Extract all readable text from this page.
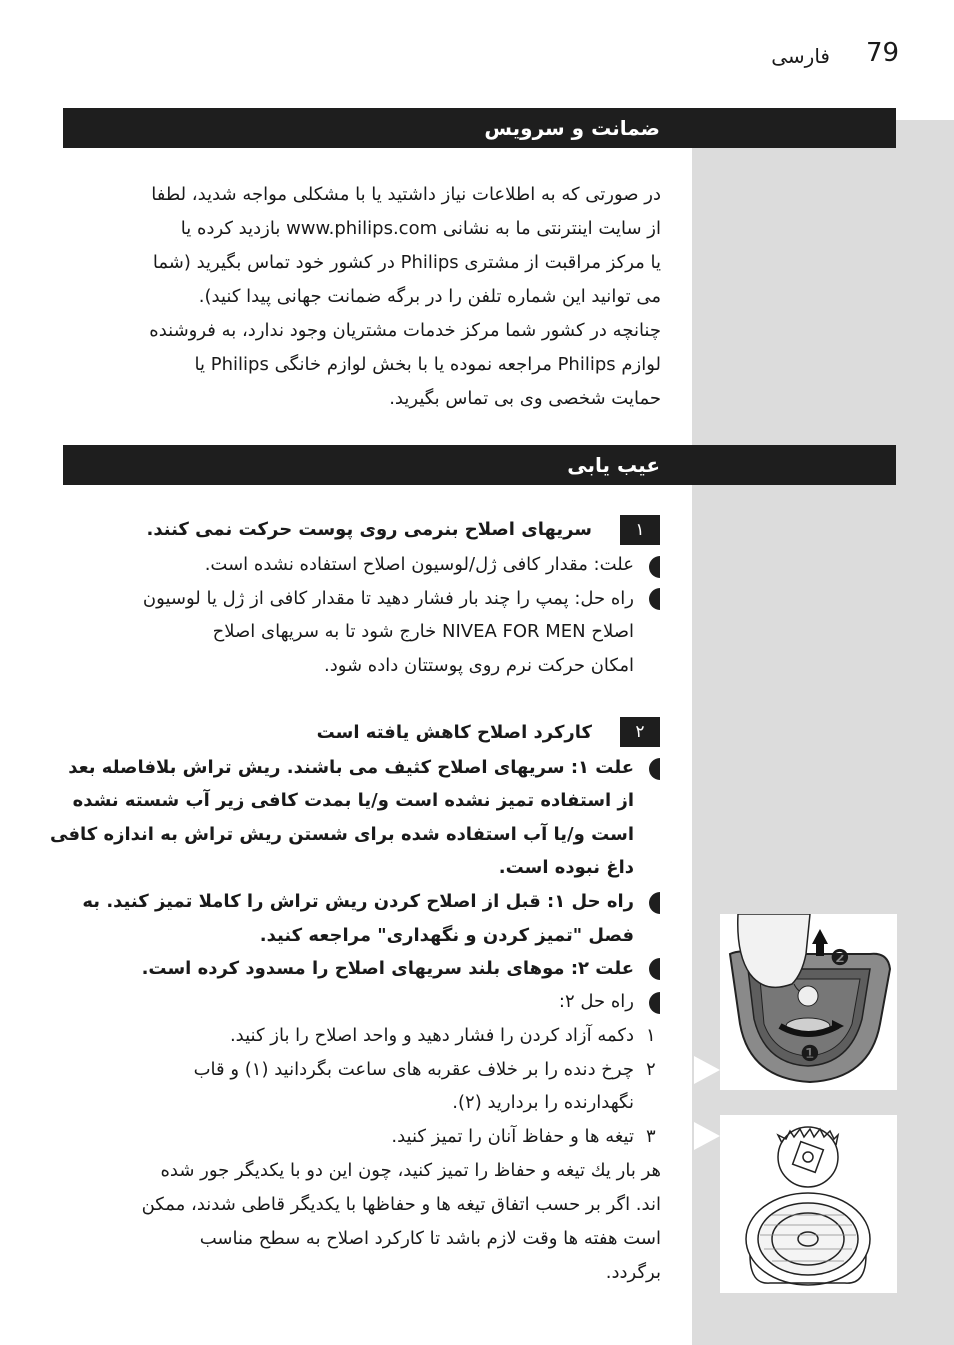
فارسی 79
ضمانت و سرویس
در صورتی که به اطلاعات نیاز داشتید یا با مشکلی مواجه شدید، لطفا
از سایت اینترنتی ما به نشانی www.philips.com بازدید کرده یا
یا مرکز مراقبت از مشتری Philips در کشور خود تماس بگیرید (شما
می توانید این شماره تلفن را در برگه ضمانت جهانی پیدا کنید).
چنانچه در کشور شما مرکز خدمات مشتریان وجود ندارد، به فروشنده
لوازم Philips مراجعه نموده یا با بخش لوازم خانگی Philips یا
حمایت شخصی وی بی تماس بگیرید.
عیب یابی
۱
سریهای اصلاح بنرمی روی پوست حرکت نمی کنند.
علت: مقدار کافی ژل/لوسیون اصلاح استفاده نشده است.
راه حل: پمپ را چند بار فشار دهید تا مقدار کافی از ژل یا لوسیون
اصلاح NIVEA FOR MEN خارج شود تا به سریهای اصلاح
امکان حرکت نرم روی پوستتان داده شود.
۲
کارکرد اصلاح کاهش یافته است
علت ۱: سریهای اصلاح کثیف می باشند. ریش تراش بلافاصله بعد
از استفاده تمیز نشده است و/یا بمدت کافی زیر آب شسته نشده
است و/یا آب استفاده شده برای شستن ریش تراش به اندازه کافی
داغ نبوده است.
راه حل ۱: قبل از اصلاح کردن ریش تراش را کاملا تمیز کنید. به
فصل "تمیز کردن و نگهداری" مراجعه کنید.
علت ۲: موهای بلند سریهای اصلاح را مسدود کرده است.
راه حل ۲:
۱
دکمه آزاد کردن را فشار دهید و واحد اصلاح را باز کنید.
۲
چرخ دنده را بر خلاف عقربه های ساعت بگردانید (۱) و قاب
نگهدارنده را بردارید (۲).
۳
تیغه ها و حفاظ آنان را تمیز کنید.
هر بار یك تیغه و حفاظ را تمیز كنید، چون این دو با یكدیگر جور شده
اند. اگر بر حسب اتفاق تیغه ها و حفاظها با یكدیگر قاطی شدند، ممكن
است هفته ها وقت لازم باشد تا كاركرد اصلاح به سطح مناسب
برگردد.
❷
❶
